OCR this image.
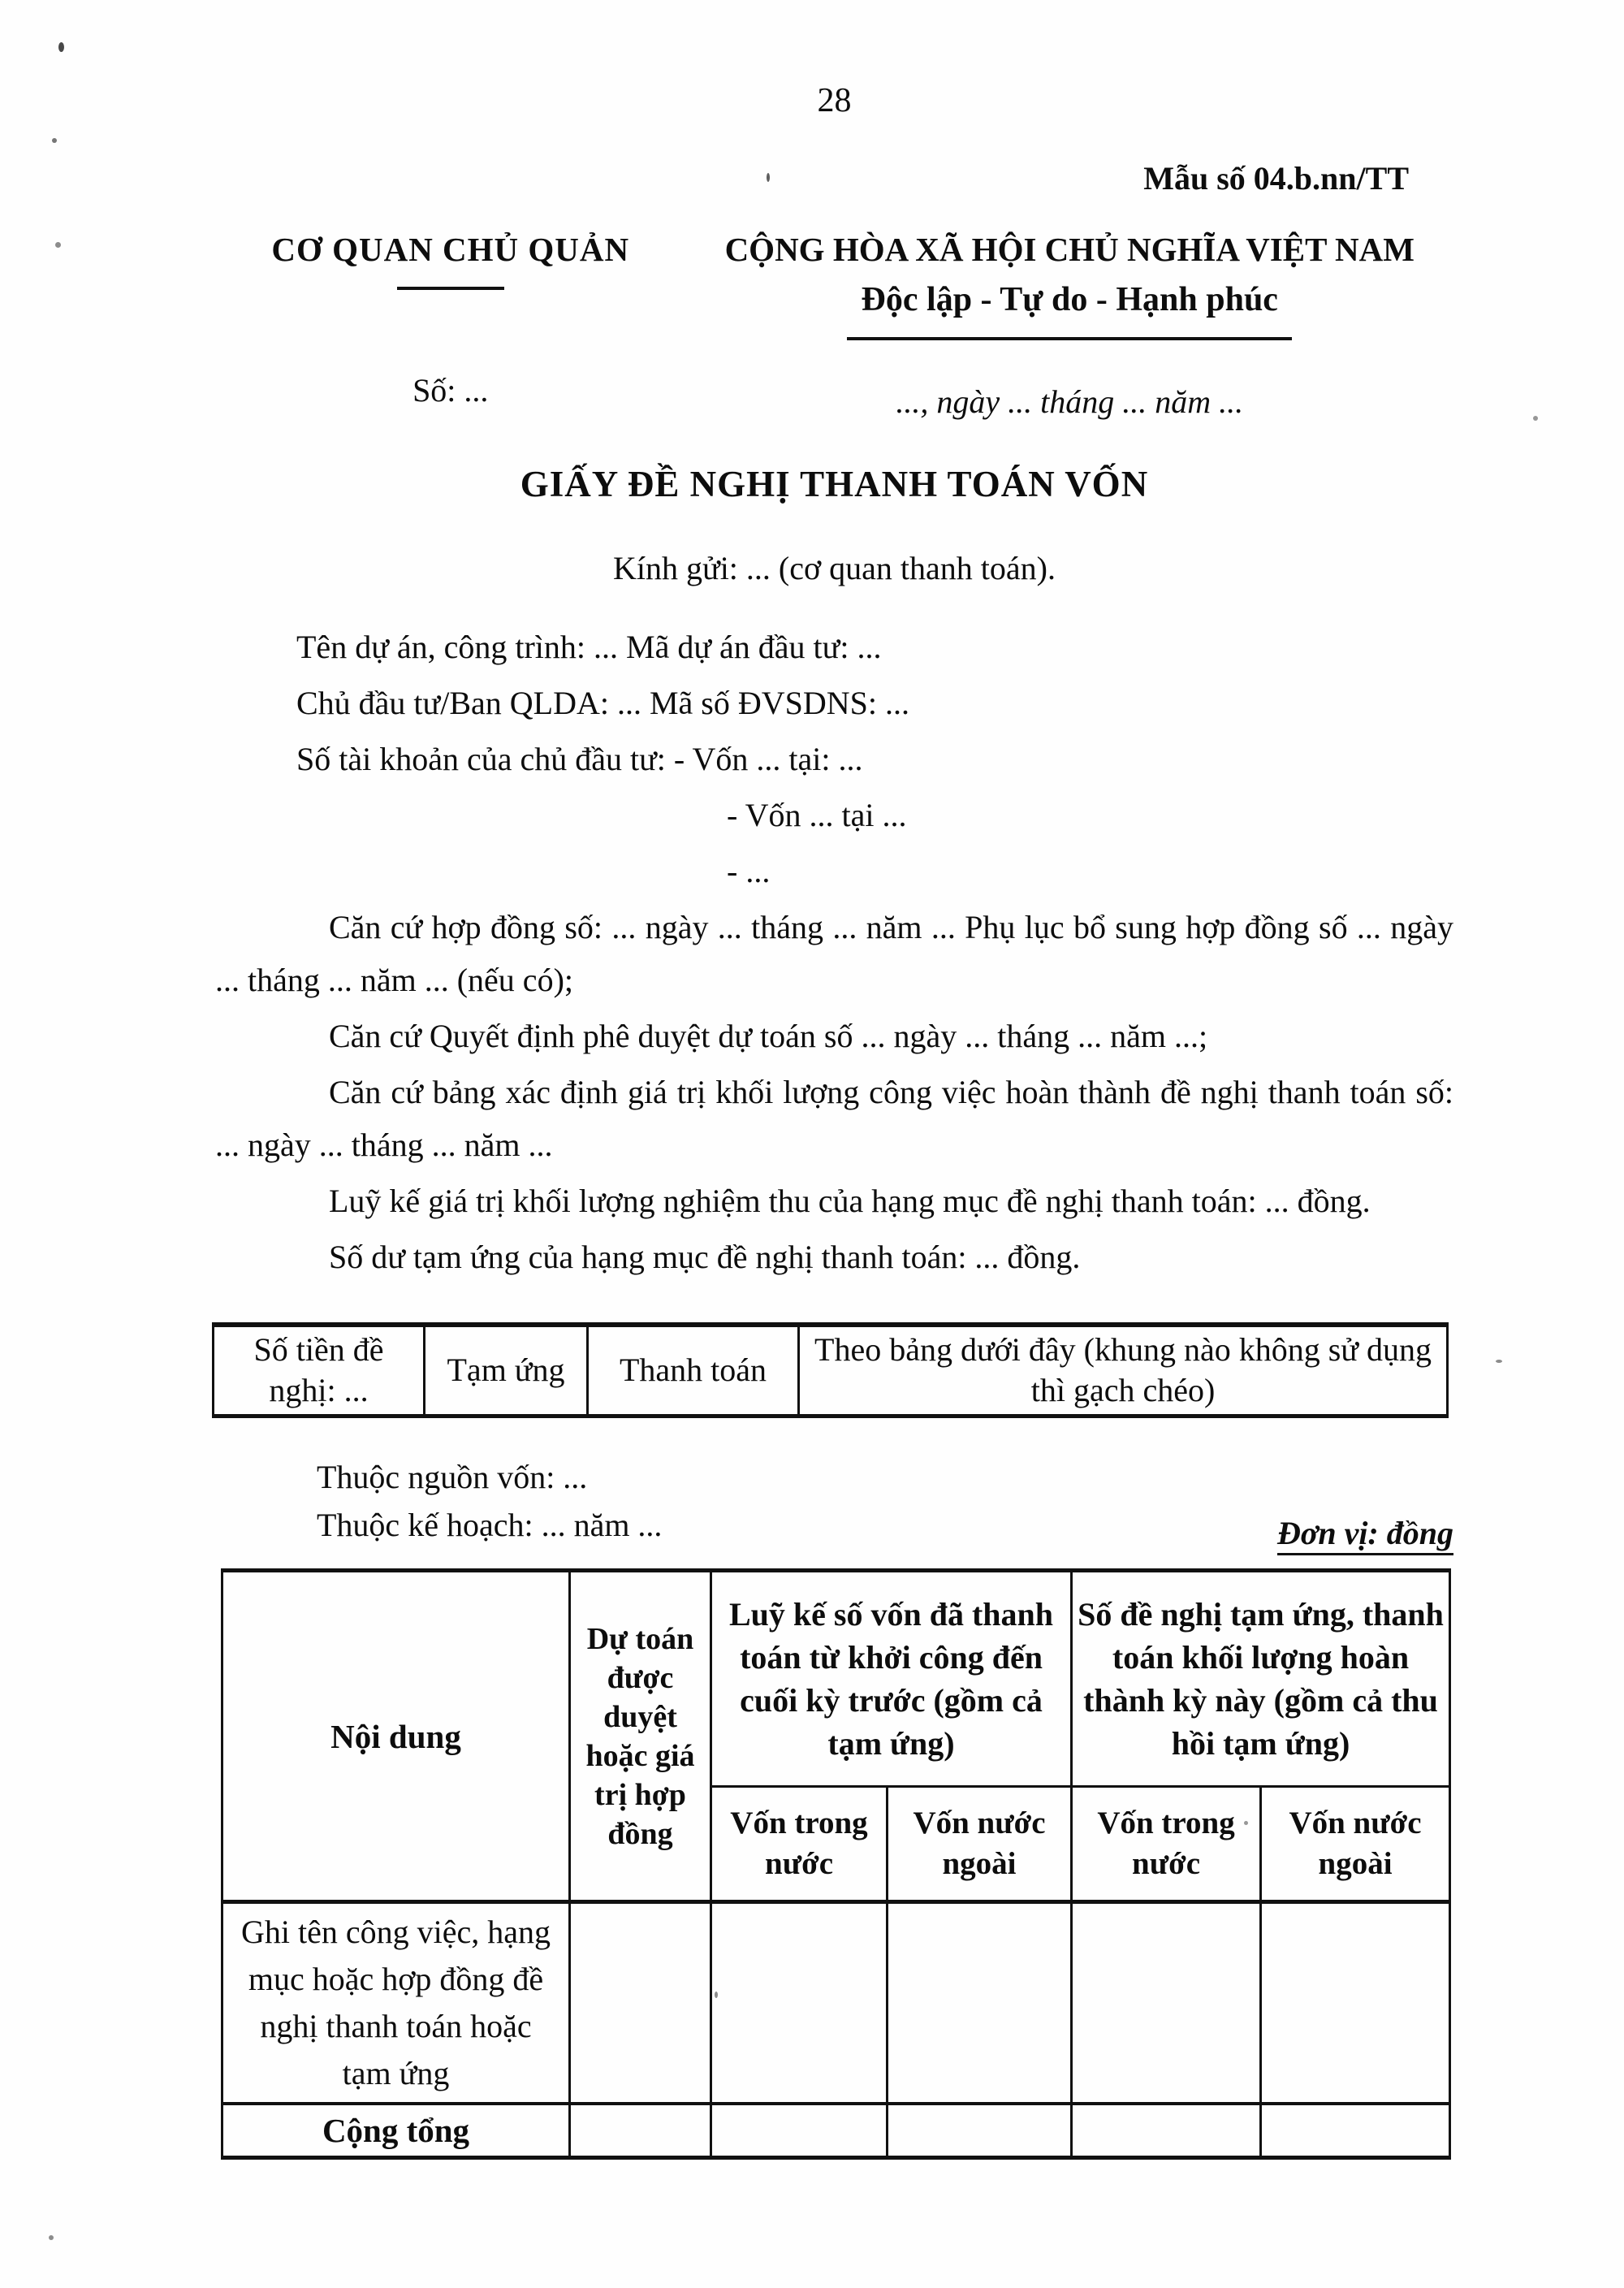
28
Mẫu số 04.b.nn/TT
CƠ QUAN CHỦ QUẢN
Số: ...
CỘNG HÒA XÃ HỘI CHỦ NGHĨA VIỆT NAM
Độc lập - Tự do - Hạnh phúc
..., ngày ... tháng ... năm ...
GIẤY ĐỀ NGHỊ THANH TOÁN VỐN
Kính gửi: ... (cơ quan thanh toán).

Tên dự án, công trình: ... Mã dự án đầu tư: ...

Chủ đầu tư/Ban QLDA: ... Mã số ĐVSDNS: ...

Số tài khoản của chủ đầu tư: - Vốn ... tại: ...

- Vốn ... tại ...

- ...

Căn cứ hợp đồng số: ... ngày ... tháng ... năm ... Phụ lục bổ sung hợp đồng số ... ngày ... tháng ... năm ... (nếu có);

Căn cứ Quyết định phê duyệt dự toán số ... ngày ... tháng ... năm ...;

Căn cứ bảng xác định giá trị khối lượng công việc hoàn thành đề nghị thanh toán số: ... ngày ... tháng ... năm ...

Luỹ kế giá trị khối lượng nghiệm thu của hạng mục đề nghị thanh toán: ... đồng.

Số dư tạm ứng của hạng mục đề nghị thanh toán: ... đồng.

Số tiền đề nghị: ...	Tạm ứng	Thanh toán	Theo bảng dưới đây (khung nào không sử dụng thì gạch chéo)
Thuộc nguồn vốn: ...
Thuộc kế hoạch: ... năm ...	Đơn vị: đồng
Nội dung	Dự toán được duyệt hoặc giá trị hợp đồng	Luỹ kế số vốn đã thanh toán từ khởi công đến cuối kỳ trước (gồm cả tạm ứng)		Số đề nghị tạm ứng, thanh toán khối lượng hoàn thành kỳ này (gồm cả thu hồi tạm ứng)	
		Vốn trong nước	Vốn nước ngoài	Vốn trong nước	Vốn nước ngoài
Ghi tên công việc, hạng mục hoặc hợp đồng đề nghị thanh toán hoặc tạm ứng					
Cộng tổng					
